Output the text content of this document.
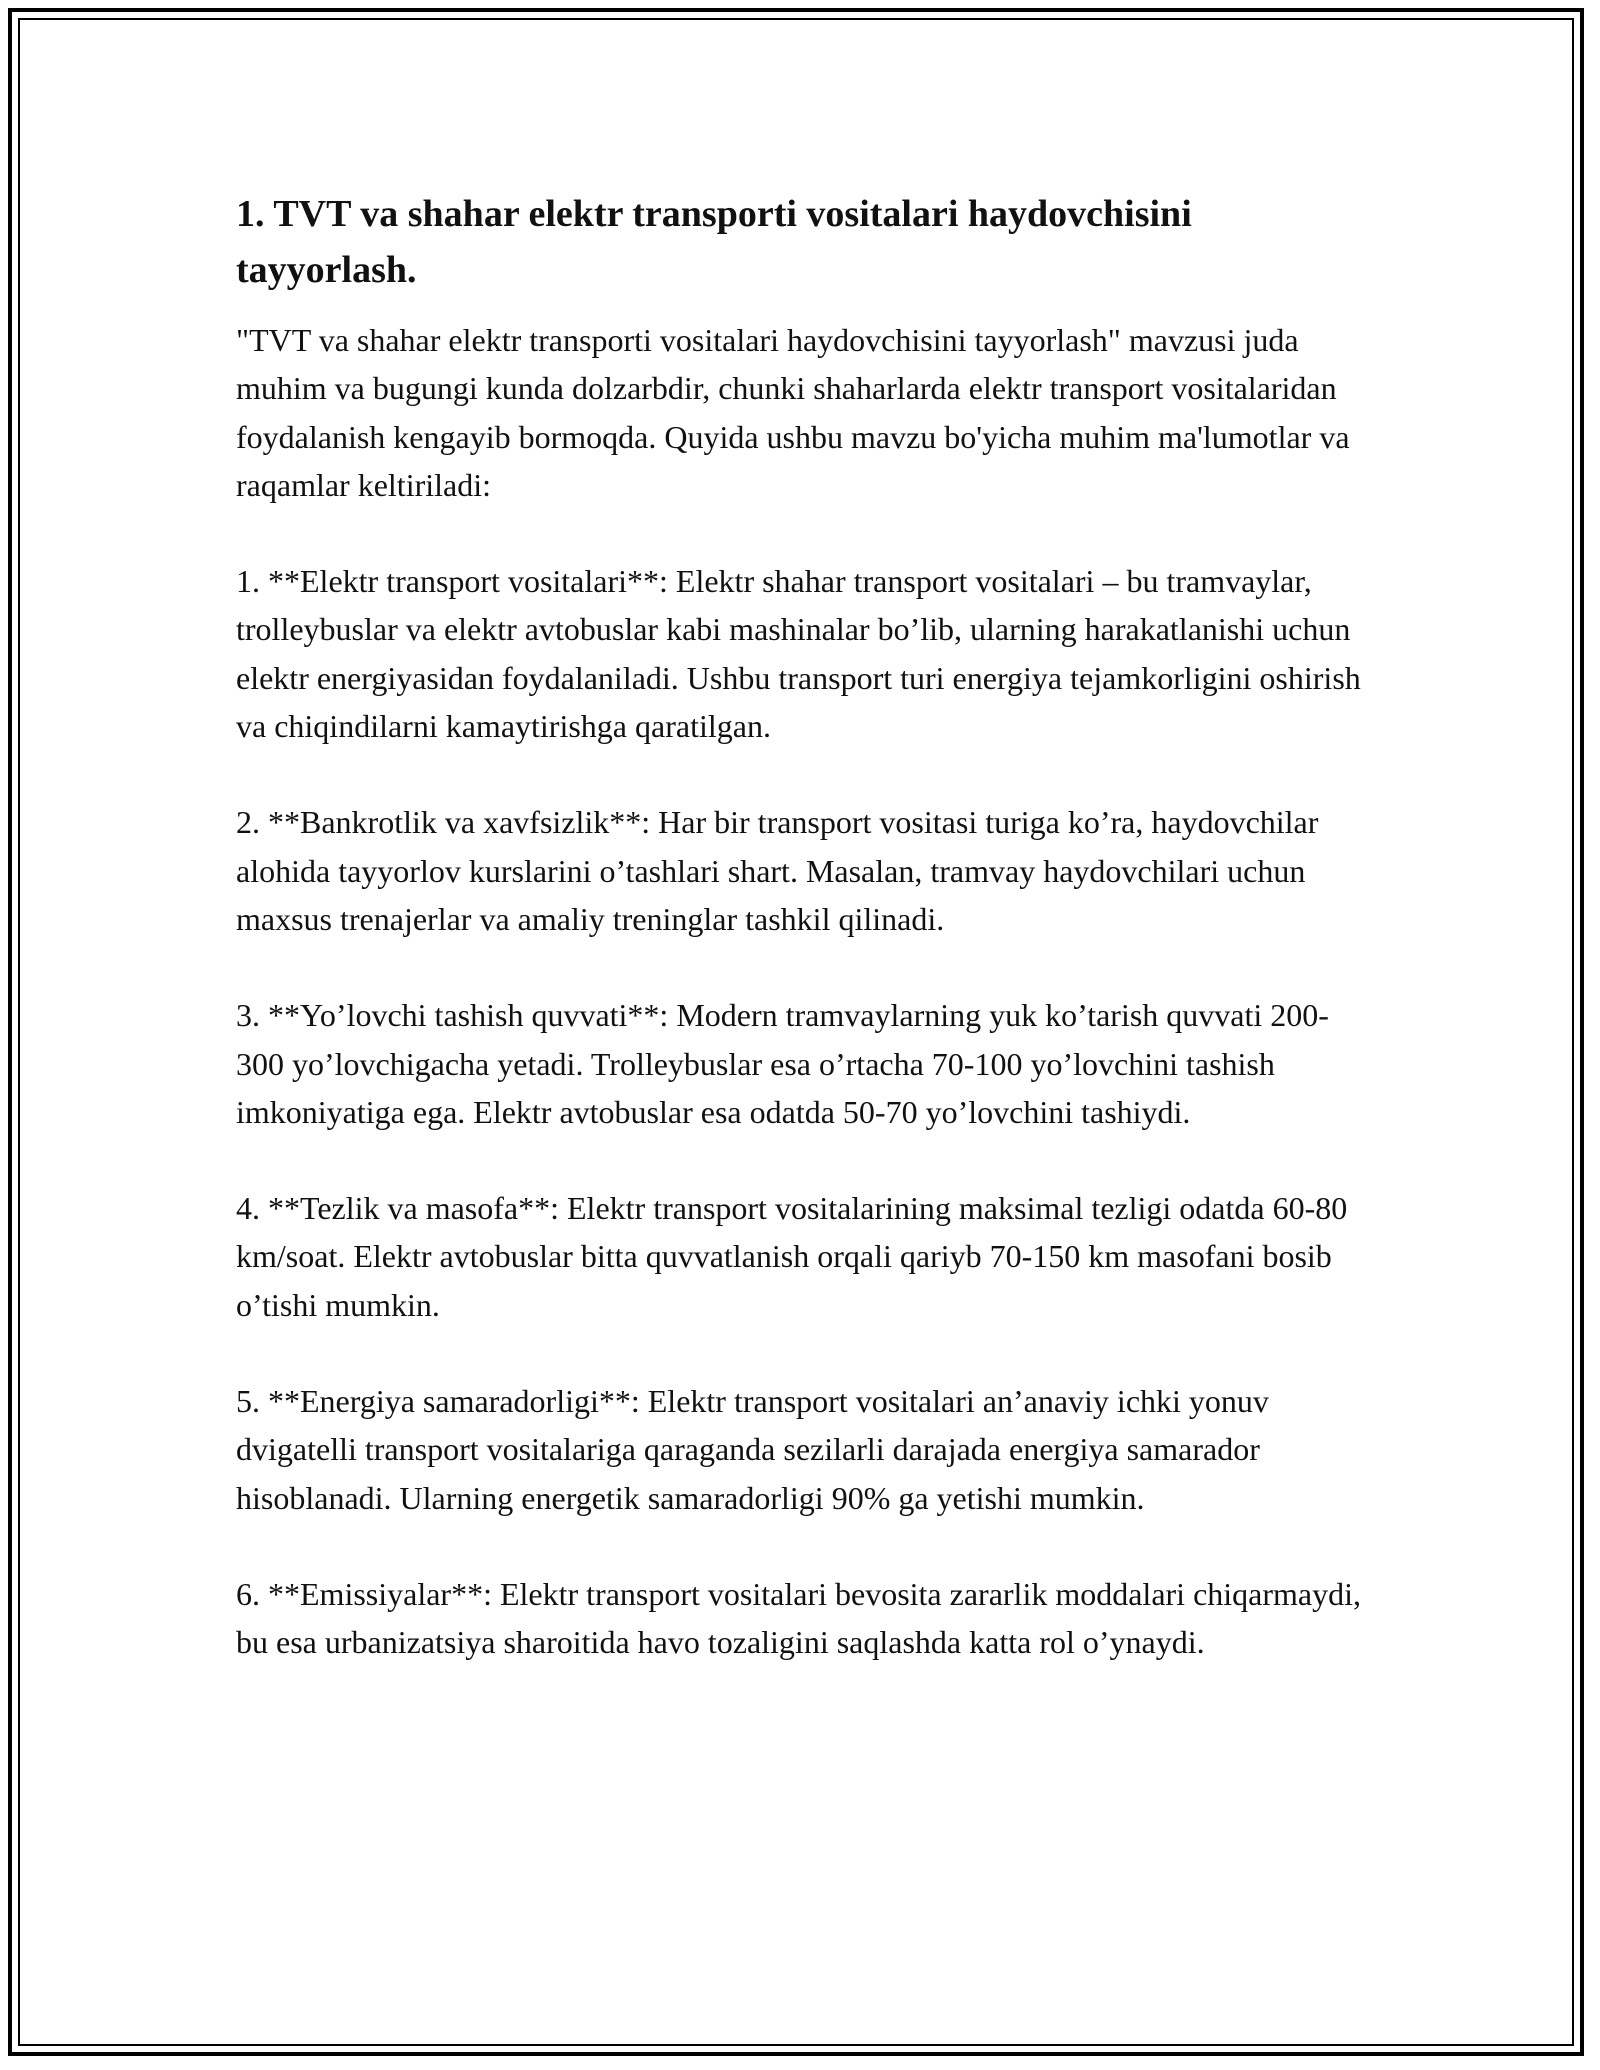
1. TVT va shahar elektr transporti vositalari haydovchisini tayyorlash.

"TVT va shahar elektr transporti vositalari haydovchisini tayyorlash" mavzusi juda muhim va bugungi kunda dolzarbdir, chunki shaharlarda elektr transport vositalaridan foydalanish kengayib bormoqda. Quyida ushbu mavzu bo'yicha muhim ma'lumotlar va raqamlar keltiriladi:

1. **Elektr transport vositalari**: Elektr shahar transport vositalari – bu tramvaylar, trolleybuslar va elektr avtobuslar kabi mashinalar bo’lib, ularning harakatlanishi uchun elektr energiyasidan foydalaniladi. Ushbu transport turi energiya tejamkorligini oshirish va chiqindilarni kamaytirishga qaratilgan.

2. **Bankrotlik va xavfsizlik**: Har bir transport vositasi turiga ko’ra, haydovchilar alohida tayyorlov kurslarini o’tashlari shart. Masalan, tramvay haydovchilari uchun maxsus trenajerlar va amaliy treninglar tashkil qilinadi.

3. **Yo’lovchi tashish quvvati**: Modern tramvaylarning yuk ko’tarish quvvati 200-300 yo’lovchigacha yetadi. Trolleybuslar esa o’rtacha 70-100 yo’lovchini tashish imkoniyatiga ega. Elektr avtobuslar esa odatda 50-70 yo’lovchini tashiydi.

4. **Tezlik va masofa**: Elektr transport vositalarining maksimal tezligi odatda 60-80 km/soat. Elektr avtobuslar bitta quvvatlanish orqali qariyb 70-150 km masofani bosib o’tishi mumkin.

5. **Energiya samaradorligi**: Elektr transport vositalari an’anaviy ichki yonuv dvigatelli transport vositalariga qaraganda sezilarli darajada energiya samarador hisoblanadi. Ularning energetik samaradorligi 90% ga yetishi mumkin.

6. **Emissiyalar**: Elektr transport vositalari bevosita zararlik moddalari chiqarmaydi, bu esa urbanizatsiya sharoitida havo tozaligini saqlashda katta rol o’ynaydi.
